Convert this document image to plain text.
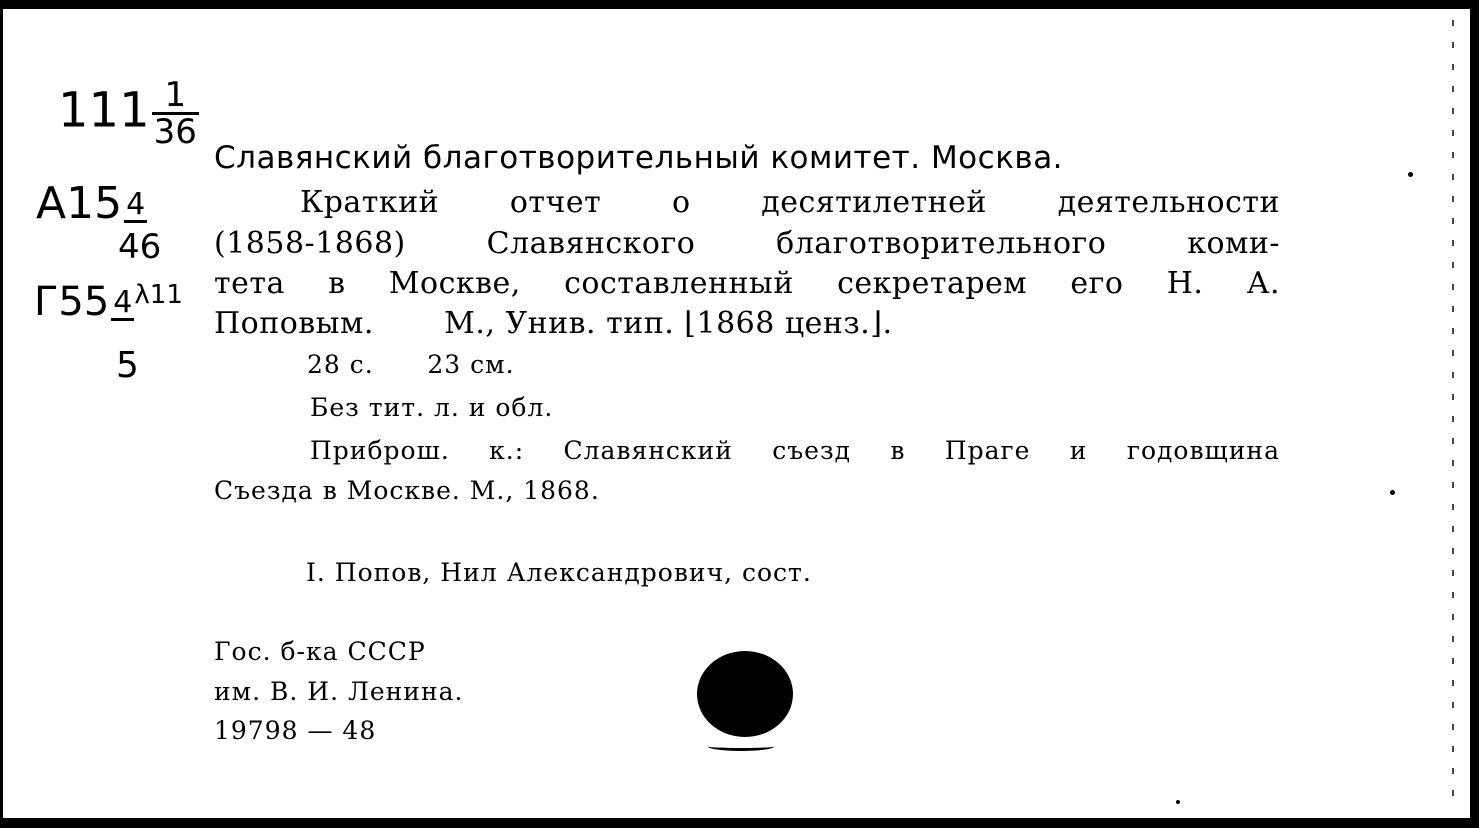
$111 \frac{1}{36}$
A15 4
46
Г55 4 $^{\lambda 11}$
5
Славянский благотворительный комитет. Москва.
Краткий отчет о десятилетней деятельности
(1858-1868) Славянского благотворительного коми-
тета в Москве, составленный секретарем его Н. А.
Поповым.       М., Унив. тип. ⌊1868 ценз.⌋.
28 с.      23 см.
Без тит. л. и обл.
Приброш. к.: Славянский съезд в Праге и годовщина
Съезда в Москве. М., 1868.
I. Попов, Нил Александрович, сост.
Гос. б-ка СССР
им. В. И. Ленина.
19798 — 48
